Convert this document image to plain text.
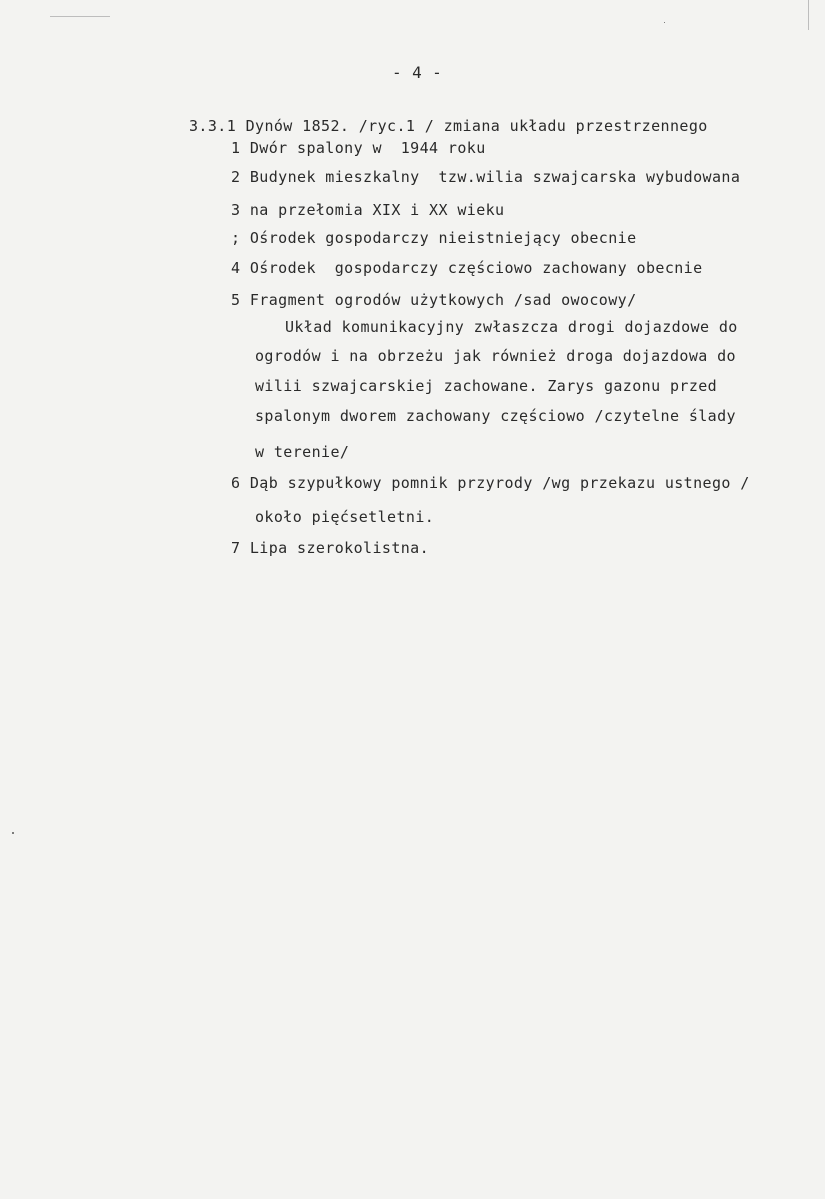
- 4 -
3.3.1 Dynów 1852. /ryc.1 / zmiana układu przestrzennego
1 Dwór spalony w  1944 roku
2 Budynek mieszkalny  tzw.wilia szwajcarska wybudowana
3 na przełomia XIX i XX wieku
; Ośrodek gospodarczy nieistniejący obecnie
4 Ośrodek  gospodarczy częściowo zachowany obecnie
5 Fragment ogrodów użytkowych /sad owocowy/
Układ komunikacyjny zwłaszcza drogi dojazdowe do
ogrodów i na obrzeżu jak również droga dojazdowa do
wilii szwajcarskiej zachowane. Zarys gazonu przed
spalonym dworem zachowany częściowo /czytelne ślady
w terenie/
6 Dąb szypułkowy pomnik przyrody /wg przekazu ustnego /
około pięćsetletni.
7 Lipa szerokolistna.
